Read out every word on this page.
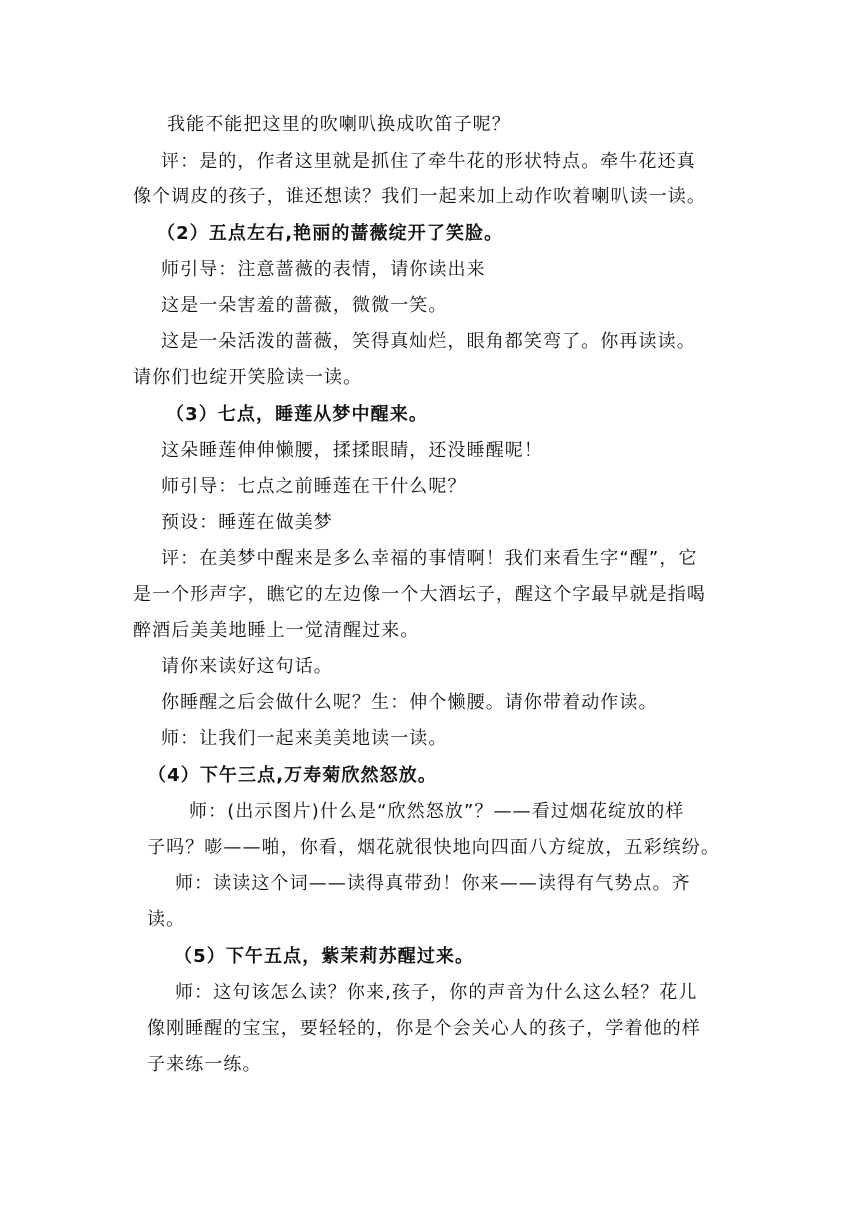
我能不能把这里的吹喇叭换成吹笛子呢？
评：是的，作者这里就是抓住了牵牛花的形状特点。牵牛花还真
像个调皮的孩子，谁还想读？我们一起来加上动作吹着喇叭读一读。
（2）五点左右,艳丽的蔷薇绽开了笑脸。
师引导：注意蔷薇的表情，请你读出来
这是一朵害羞的蔷薇，微微一笑。
这是一朵活泼的蔷薇，笑得真灿烂，眼角都笑弯了。你再读读。
请你们也绽开笑脸读一读。
（3）七点，睡莲从梦中醒来。
这朵睡莲伸伸懒腰，揉揉眼睛，还没睡醒呢！
师引导：七点之前睡莲在干什么呢？
预设：睡莲在做美梦
评：在美梦中醒来是多么幸福的事情啊！我们来看生字“醒”，它
是一个形声字，瞧它的左边像一个大酒坛子，醒这个字最早就是指喝
醉酒后美美地睡上一觉清醒过来。
请你来读好这句话。
你睡醒之后会做什么呢？生：伸个懒腰。请你带着动作读。
师：让我们一起来美美地读一读。
（4）下午三点,万寿菊欣然怒放。
师：(出示图片)什么是“欣然怒放”？——看过烟花绽放的样
子吗？嘭——啪，你看，烟花就很快地向四面八方绽放，五彩缤纷。
师：读读这个词——读得真带劲！你来——读得有气势点。齐
读。
（5）下午五点，紫茉莉苏醒过来。
师：这句该怎么读？你来,孩子，你的声音为什么这么轻？花儿
像刚睡醒的宝宝，要轻轻的，你是个会关心人的孩子，学着他的样
子来练一练。
